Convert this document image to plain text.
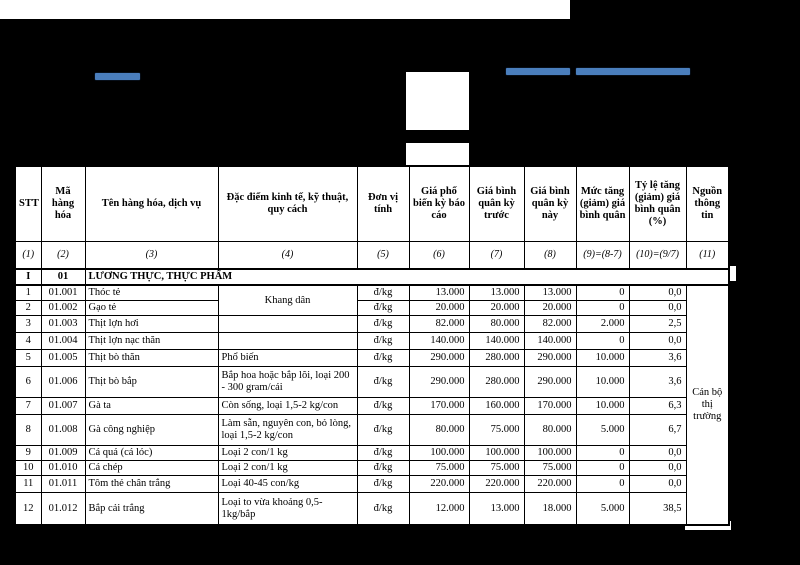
STT	Mã hàng hóa	Tên hàng hóa, dịch vụ	Đặc điểm kinh tế, kỹ thuật, quy cách	Đơn vị tính	Giá phổ biến kỳ báo cáo	Giá bình quân kỳ trước	Giá bình quân kỳ này	Mức tăng (giảm) giá bình quân	Tỷ lệ tăng (giảm) giá bình quân (%)	Nguồn thông tin
(1)	(2)	(3)	(4)	(5)	(6)	(7)	(8)	(9)=(8-7)	(10)=(9/7)	(11)
I	01	LƯƠNG THỰC, THỰC PHẨM								
1	01.001	Thóc tẻ	Khang dân	đ/kg	13.000	13.000	13.000	0	0,0	Cán bộ thị trường
2	01.002	Gạo tẻ		đ/kg	20.000	20.000	20.000	0	0,0	
3	01.003	Thịt lợn hơi		đ/kg	82.000	80.000	82.000	2.000	2,5	
4	01.004	Thịt lợn nạc thăn		đ/kg	140.000	140.000	140.000	0	0,0	
5	01.005	Thịt bò thăn	Phổ biến	đ/kg	290.000	280.000	290.000	10.000	3,6	
6	01.006	Thịt bò bắp	Bắp hoa hoặc bắp lõi, loại 200 - 300 gram/cái	đ/kg	290.000	280.000	290.000	10.000	3,6	
7	01.007	Gà ta	Còn sống, loại 1,5-2 kg/con	đ/kg	170.000	160.000	170.000	10.000	6,3	
8	01.008	Gà công nghiệp	Làm sẵn, nguyên con, bỏ lòng, loại 1,5-2 kg/con	đ/kg	80.000	75.000	80.000	5.000	6,7	
9	01.009	Cá quả (cá lóc)	Loại 2 con/1 kg	đ/kg	100.000	100.000	100.000	0	0,0	
10	01.010	Cá chép	Loại 2 con/1 kg	đ/kg	75.000	75.000	75.000	0	0,0	
11	01.011	Tôm thẻ chân trắng	Loại 40-45 con/kg	đ/kg	220.000	220.000	220.000	0	0,0	
12	01.012	Bắp cải trắng	Loại to vừa khoảng 0,5-1kg/bắp	đ/kg	12.000	13.000	18.000	5.000	38,5	
